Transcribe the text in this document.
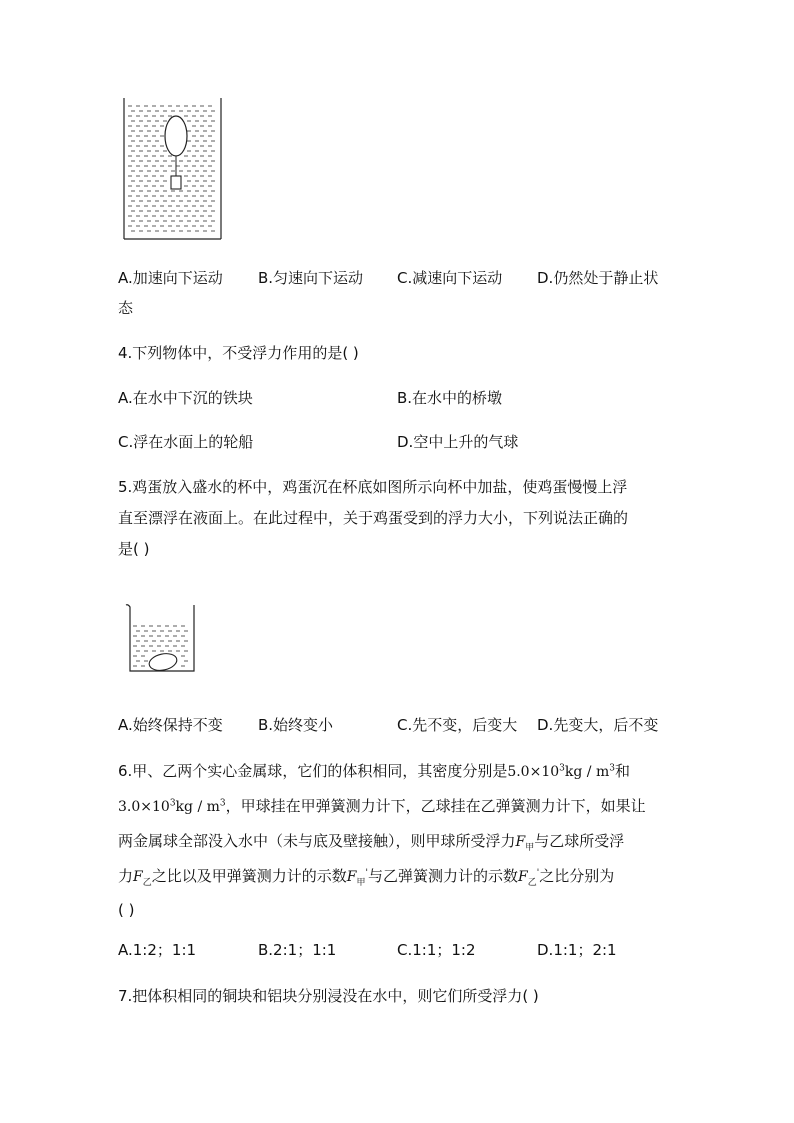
A.加速向下运动 B.匀速向下运动 C.减速向下运动 D.仍然处于静止状
态
4.下列物体中，不受浮力作用的是( )
A.在水中下沉的铁块	B.在水中的桥墩
C.浮在水面上的轮船	D.空中上升的气球
5.鸡蛋放入盛水的杯中，鸡蛋沉在杯底如图所示向杯中加盐，使鸡蛋慢慢上浮
直至漂浮在液面上。在此过程中，关于鸡蛋受到的浮力大小，下列说法正确的
是( )
A.始终保持不变 B.始终变小	C.先不变，后变大 D.先变大，后不变
6.甲、乙两个实心金属球，它们的体积相同，其密度分别是$5.0\times 10^3kg / m^3$和
$3.0\times 10^3kg / m^3$，甲球挂在甲弹簧测力计下，乙球挂在乙弹簧测力计下，如果让
两金属球全部没入水中（未与底及壁接触），则甲球所受浮力$F_甲$与乙球所受浮
力$F_乙$之比以及甲弹簧测力计的示数$F_甲'$与乙弹簧测力计的示数$F_乙'$之比分别为
( )
A.1:2；1:1	B.2:1；1:1	C.1:1；1:2	D.1:1；2:1
7.把体积相同的铜块和铝块分别浸没在水中，则它们所受浮力( )
